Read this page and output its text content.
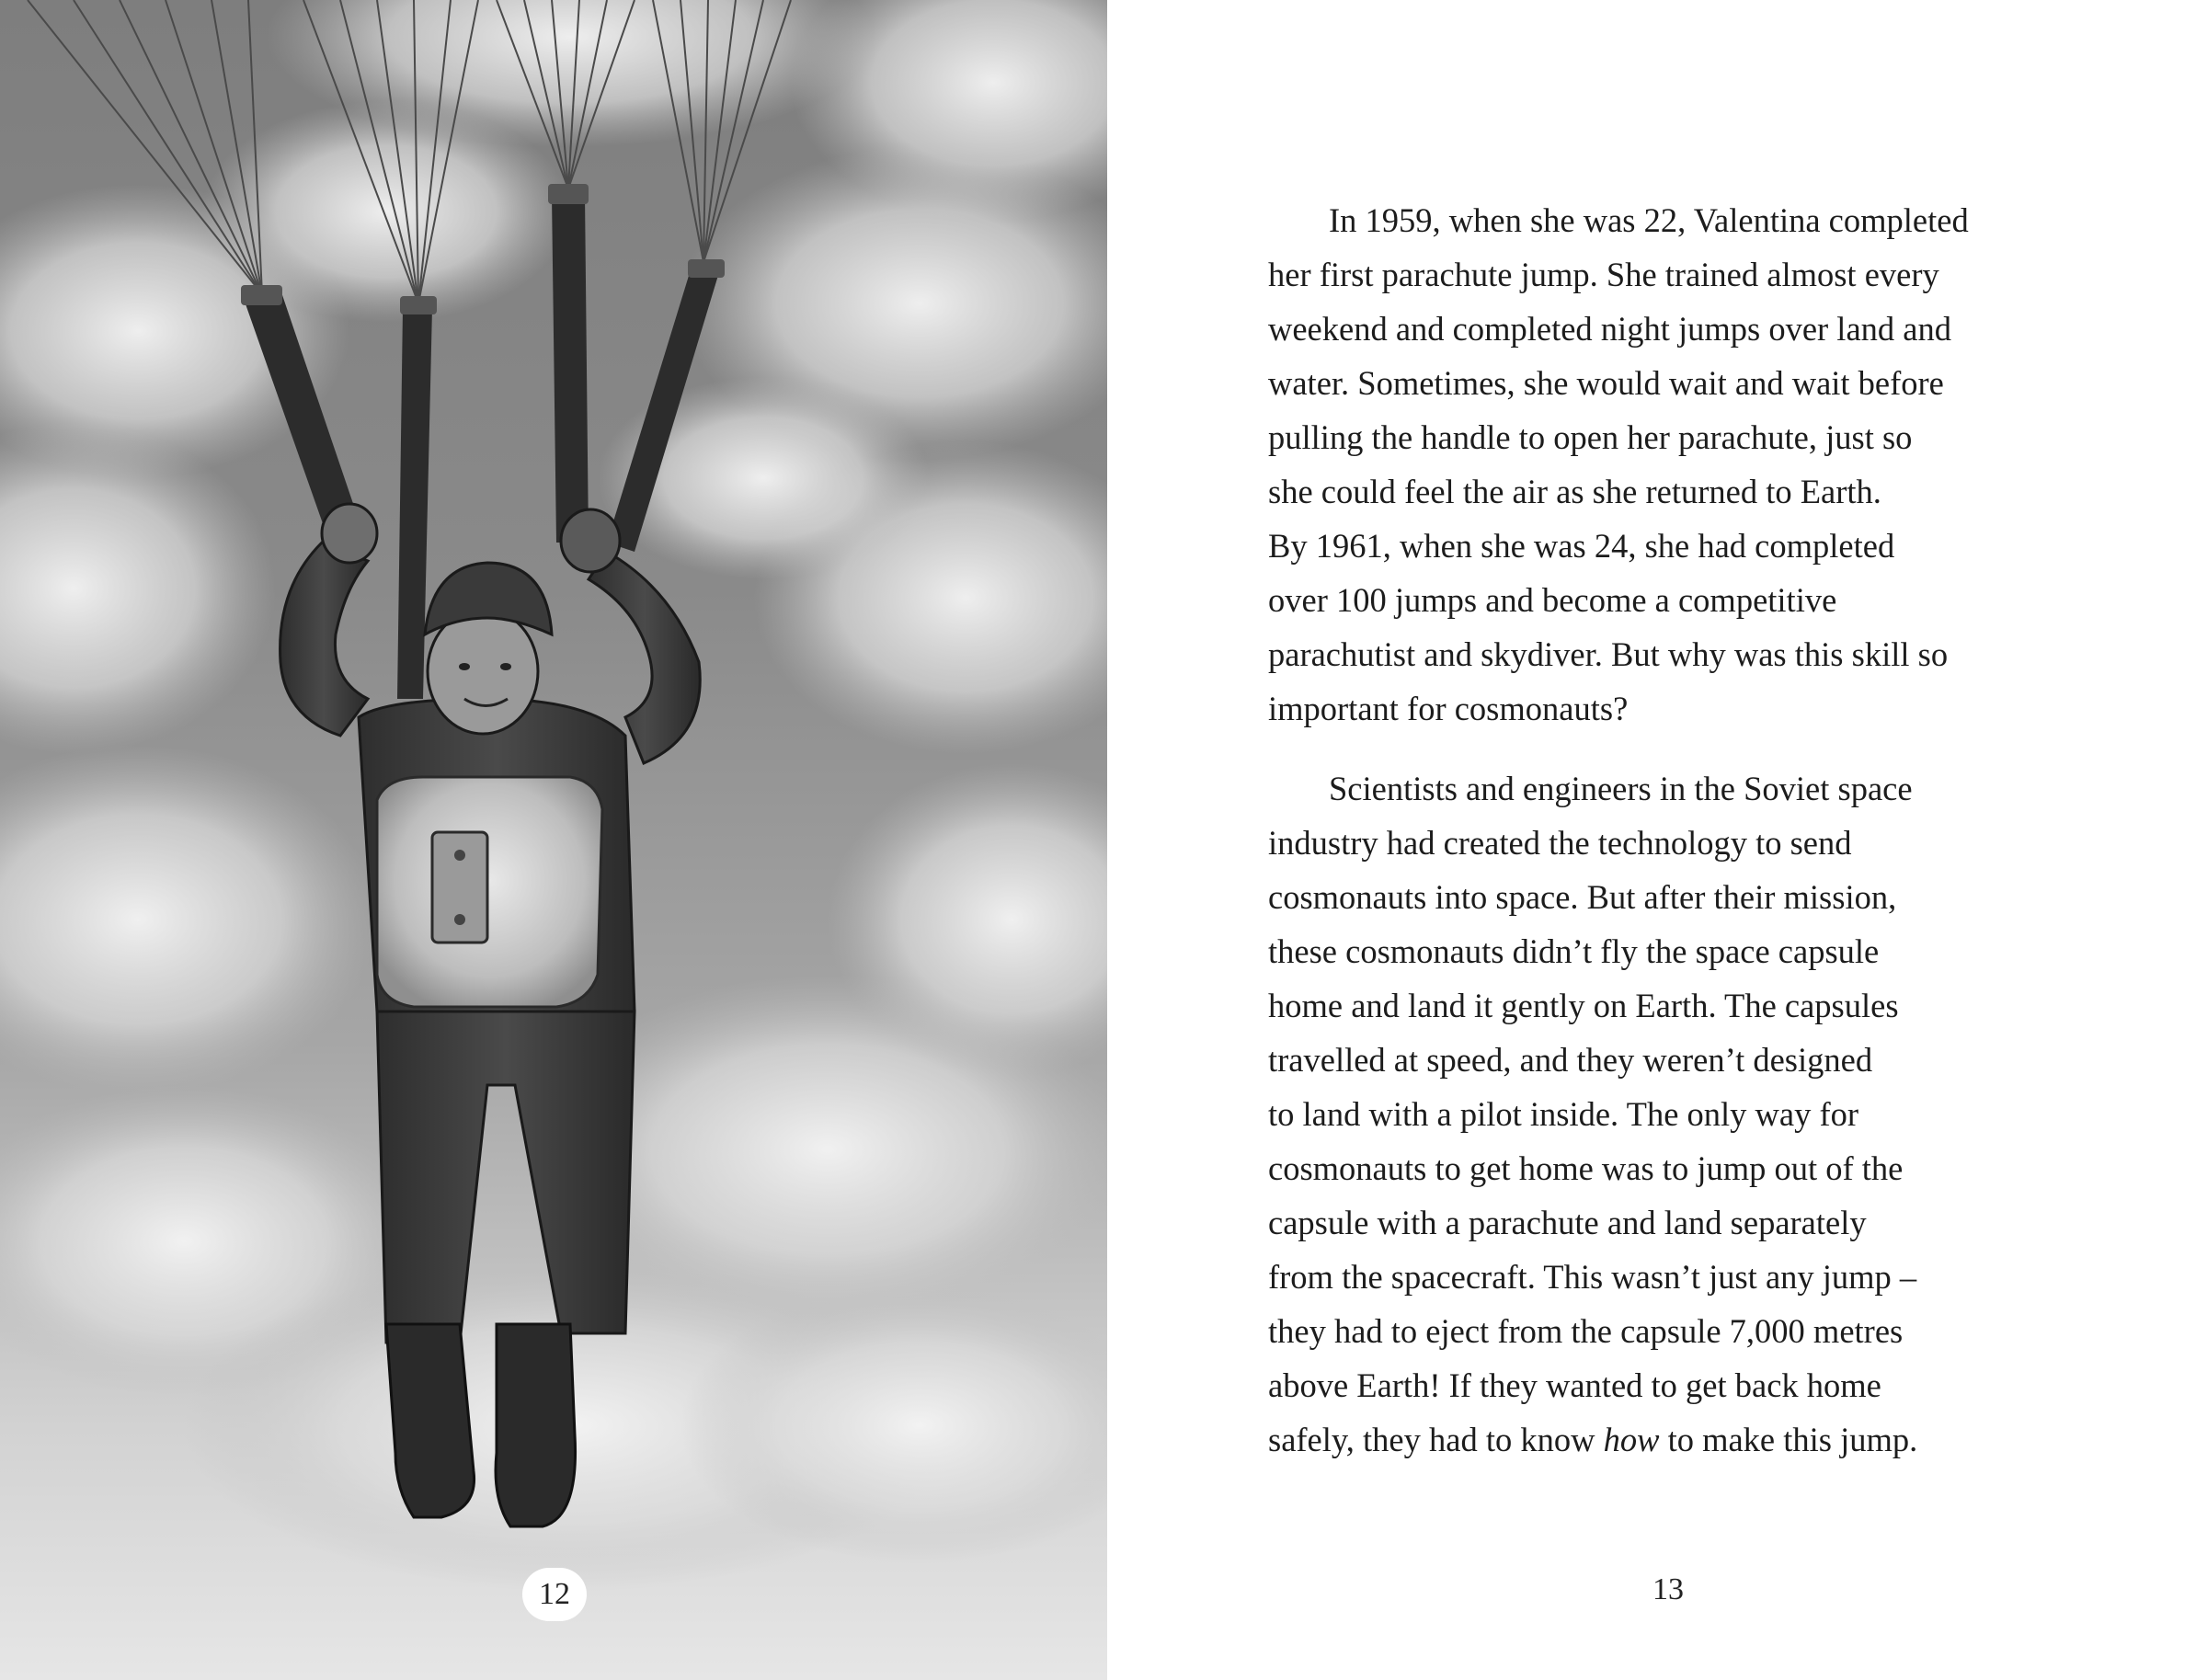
12

In 1959, when she was 22, Valentina completed
her first parachute jump. She trained almost every
weekend and completed night jumps over land and
water. Sometimes, she would wait and wait before
pulling the handle to open her parachute, just so
she could feel the air as she returned to Earth.
By 1961, when she was 24, she had completed
over 100 jumps and become a competitive
parachutist and skydiver. But why was this skill so
important for cosmonauts?

Scientists and engineers in the Soviet space
industry had created the technology to send
cosmonauts into space. But after their mission,
these cosmonauts didn’t fly the space capsule
home and land it gently on Earth. The capsules
travelled at speed, and they weren’t designed
to land with a pilot inside. The only way for
cosmonauts to get home was to jump out of the
capsule with a parachute and land separately
from the spacecraft. This wasn’t just any jump –
they had to eject from the capsule 7,000 metres
above Earth! If they wanted to get back home
safely, they had to know how to make this jump.

13
